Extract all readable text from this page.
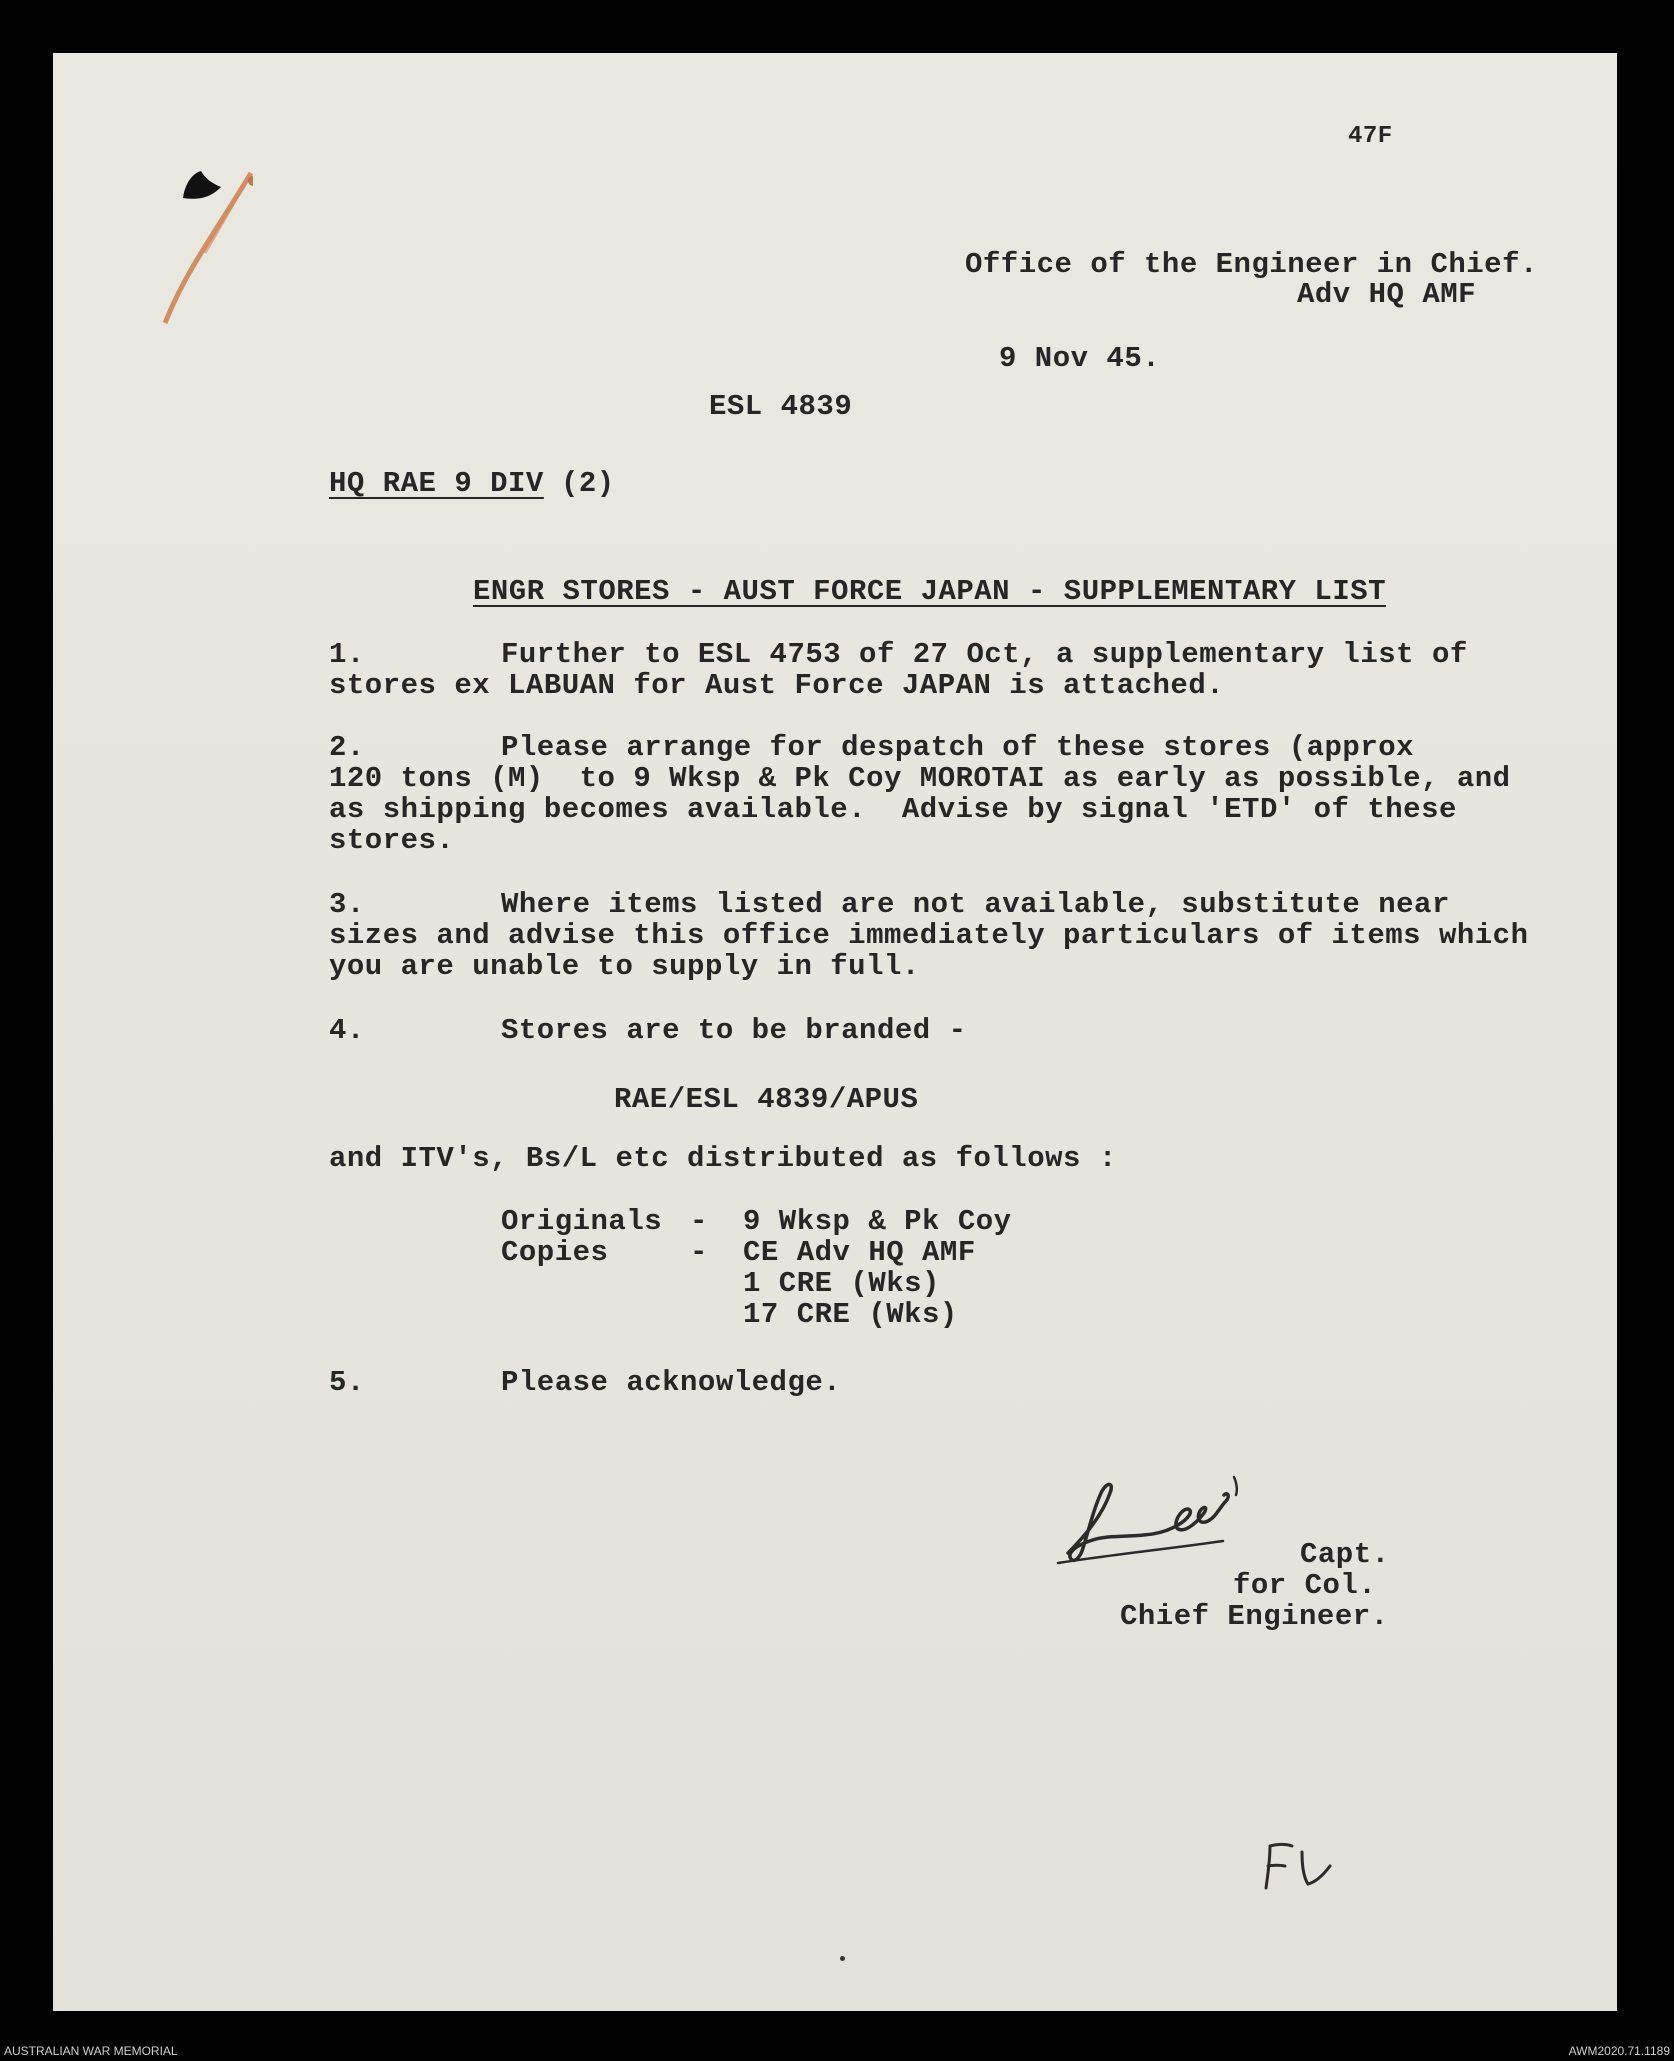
47F
Office of the Engineer in Chief.
Adv HQ AMF
9 Nov 45.
ESL 4839
HQ RAE 9 DIV (2)
ENGR STORES - AUST FORCE JAPAN - SUPPLEMENTARY LIST
1.	Further to ESL 4753 of 27 Oct, a supplementary list of
stores ex LABUAN for Aust Force JAPAN is attached.
2.	Please arrange for despatch of these stores (approx
120 tons (M)  to 9 Wksp & Pk Coy MOROTAI as early as possible, and
as shipping becomes available.  Advise by signal 'ETD' of these
stores.
3.	Where items listed are not available, substitute near
sizes and advise this office immediately particulars of items which
you are unable to supply in full.
4.	Stores are to be branded -
RAE/ESL 4839/APUS
and ITV's, Bs/L etc distributed as follows :
Originals - 9 Wksp & Pk Coy
Copies	- CE Adv HQ AMF
1 CRE (Wks)
17 CRE (Wks)
5.	Please acknowledge.
Capt.
for Col.
Chief Engineer.
AUSTRALIAN WAR MEMORIAL	AWM2020.71.1189
